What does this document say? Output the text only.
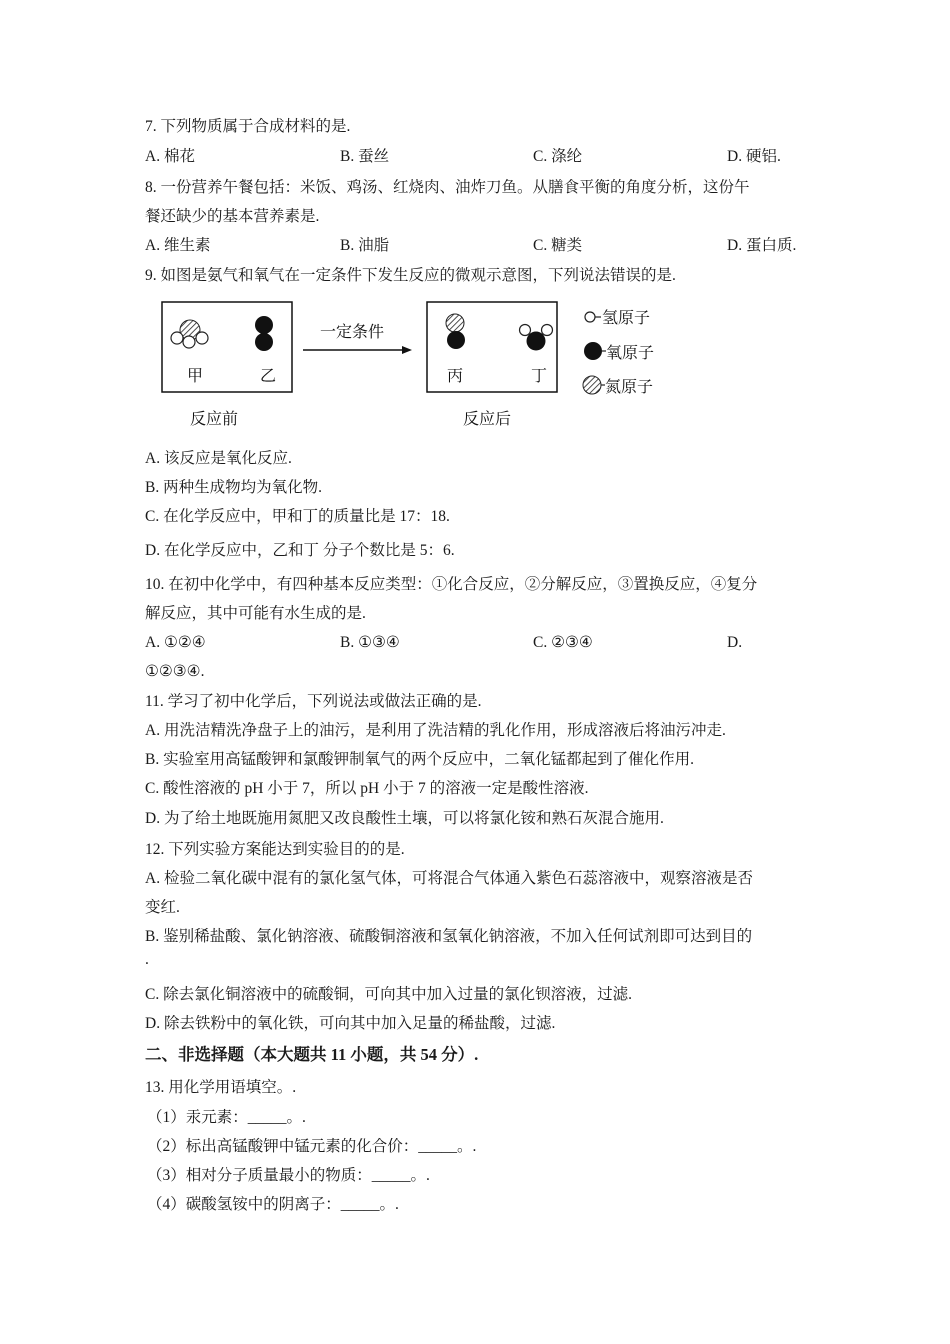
7. 下列物质属于合成材料的是.
A. 棉花	B. 蚕丝	C. 涤纶	D. 硬铝.
8. 一份营养午餐包括：米饭、鸡汤、红烧肉、油炸刀鱼。从膳食平衡的角度分析，这份午
餐还缺少的基本营养素是.
A. 维生素	B. 油脂	C. 糖类	D. 蛋白质.
9. 如图是氨气和氧气在一定条件下发生反应的微观示意图，下列说法错误的是.
甲	乙
一定条件
丙	丁
反应前	反应后
氢原子
氧原子
氮原子
A. 该反应是氧化反应.
B. 两种生成物均为氧化物.
C. 在化学反应中，甲和丁的质量比是 17：18.
D. 在化学反应中，乙和丁 分子个数比是 5：6.
10. 在初中化学中，有四种基本反应类型：①化合反应，②分解反应，③置换反应，④复分
解反应，其中可能有水生成的是.
A. ①②④	B. ①③④	C. ②③④	D.
①②③④.
11. 学习了初中化学后，下列说法或做法正确的是.
A. 用洗洁精洗净盘子上的油污，是利用了洗洁精的乳化作用，形成溶液后将油污冲走.
B. 实验室用高锰酸钾和氯酸钾制氧气的两个反应中，二氧化锰都起到了催化作用.
C. 酸性溶液的 pH 小于 7，所以 pH 小于 7 的溶液一定是酸性溶液.
D. 为了给土地既施用氮肥又改良酸性土壤，可以将氯化铵和熟石灰混合施用.
12. 下列实验方案能达到实验目的的是.
A. 检验二氧化碳中混有的氯化氢气体，可将混合气体通入紫色石蕊溶液中，观察溶液是否
变红.
B. 鉴别稀盐酸、氯化钠溶液、硫酸铜溶液和氢氧化钠溶液，不加入任何试剂即可达到目的
.
C. 除去氯化铜溶液中的硫酸铜，可向其中加入过量的氯化钡溶液，过滤.
D. 除去铁粉中的氧化铁，可向其中加入足量的稀盐酸，过滤.
二、非选择题（本大题共 11 小题，共 54 分）.
13. 用化学用语填空。.
（1）汞元素：_____。.
（2）标出高锰酸钾中锰元素的化合价：_____。.
（3）相对分子质量最小的物质：_____。.
（4）碳酸氢铵中的阴离子：_____。.
